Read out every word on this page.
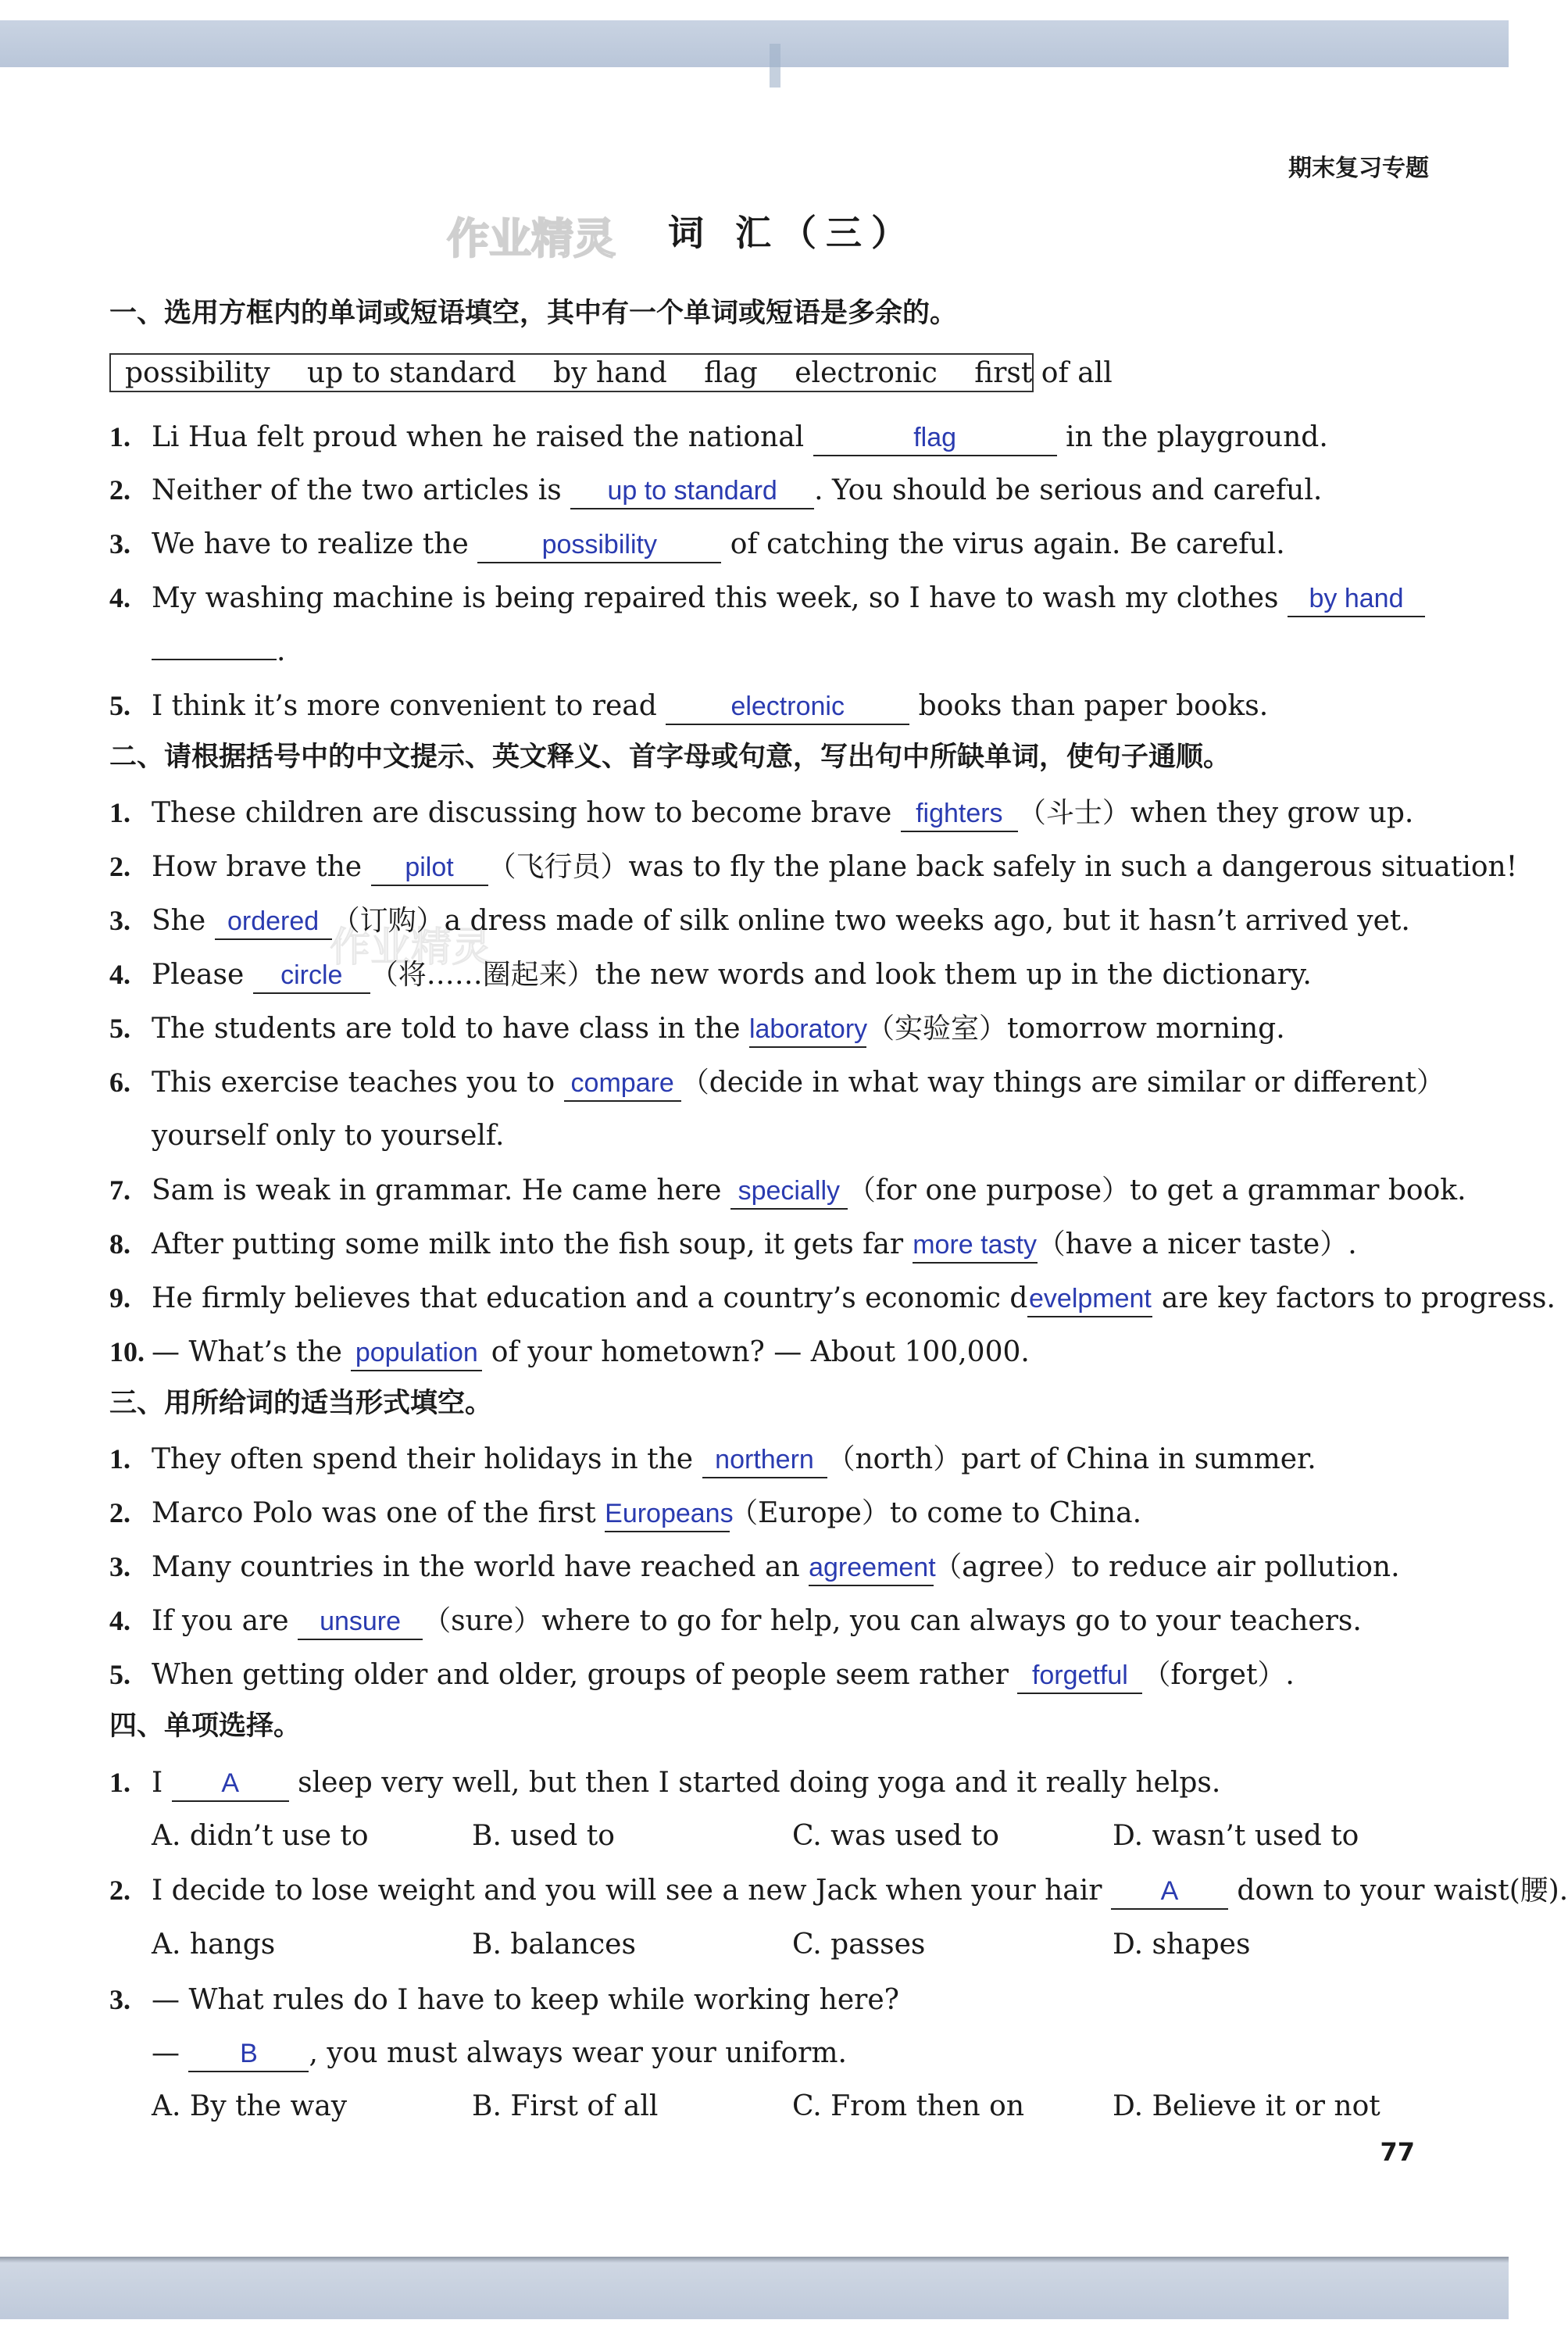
期末复习专题
作业精灵
作业精灵
词 汇（三）
一、选用方框内的单词或短语填空，其中有一个单词或短语是多余的。
possibility up to standard by hand flag electronic first of all
1. Li Hua felt proud when he raised the national	flag	in the playground.
2. Neither of the two articles is up to standard . You should be serious and careful.
3. We have to realize the possibility of catching the virus again. Be careful.
4. My washing machine is being repaired this week, so I have to wash my clothes by hand
.
5. I think it’s more convenient to read electronic books than paper books.
二、请根据括号中的中文提示、英文释义、首字母或句意，写出句中所缺单词，使句子通顺。
1. These children are discussing how to become brave fighters （斗士）when they grow up.
2. How brave the pilot （飞行员）was to fly the plane back safely in such a dangerous situation!
3. She ordered （订购）a dress made of silk online two weeks ago, but it hasn’t arrived yet.
4. Please circle （将……圈起来）the new words and look them up in the dictionary.
5. The students are told to have class in the laboratory（实验室）tomorrow morning.
6. This exercise teaches you to compare （decide in what way things are similar or different）
yourself only to yourself.
7. Sam is weak in grammar. He came here specially （for one purpose）to get a grammar book.
8. After putting some milk into the fish soup, it gets far more tasty（have a nicer taste）.
9. He firmly believes that education and a country’s economic develpment are key factors to progress.
10. — What’s the population of your hometown? — About 100,000.
三、用所给词的适当形式填空。
1. They often spend their holidays in the northern （north）part of China in summer.
2. Marco Polo was one of the first Europeans（Europe）to come to China.
3. Many countries in the world have reached an agreement（agree）to reduce air pollution.
4. If you are unsure （sure）where to go for help, you can always go to your teachers.
5. When getting older and older, groups of people seem rather forgetful （forget）.
四、单项选择。
1. I A sleep very well, but then I started doing yoga and it really helps.
A. didn’t use to	B. used to	C. was used to	D. wasn’t used to
2. I decide to lose weight and you will see a new Jack when your hair A down to your waist(腰).
A. hangs	B. balances	C. passes	D. shapes
3. — What rules do I have to keep while working here?
— B , you must always wear your uniform.
A. By the way	B. First of all	C. From then on	D. Believe it or not
77
